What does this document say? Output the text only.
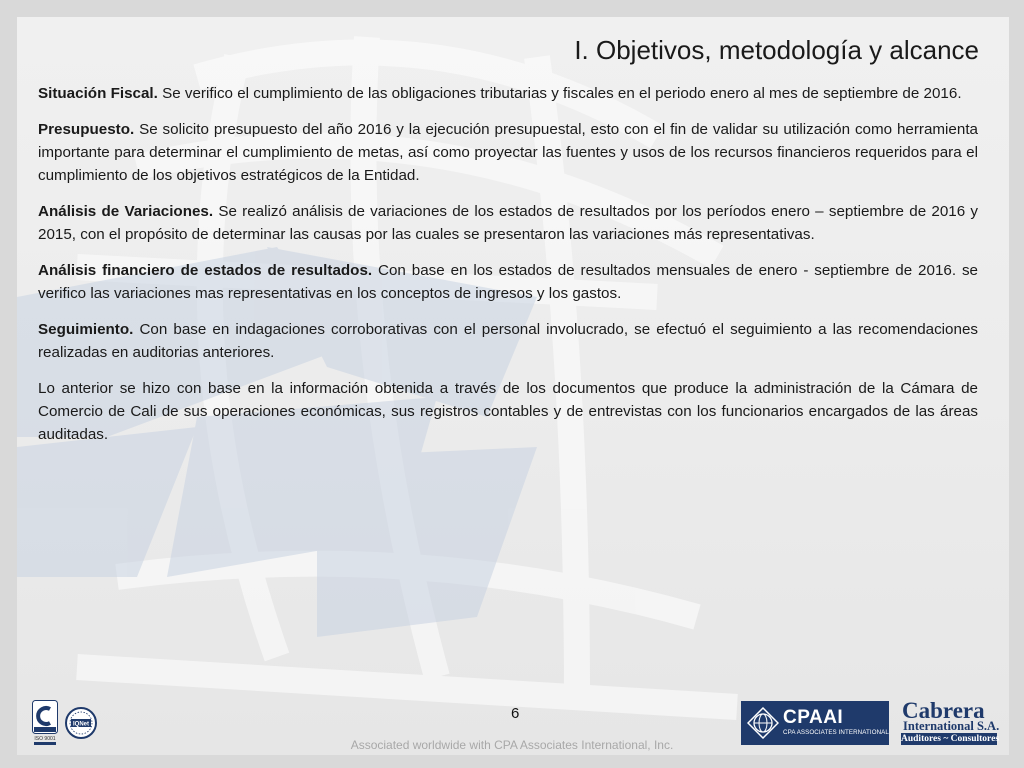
I. Objetivos, metodología y alcance

Situación Fiscal. Se verifico el cumplimiento de las obligaciones tributarias y fiscales en el periodo enero al mes de septiembre de 2016.

Presupuesto. Se solicito presupuesto del año 2016 y la ejecución presupuestal, esto con el fin de validar su utilización como herramienta importante para determinar el cumplimiento de metas, así como proyectar las fuentes y usos de los recursos financieros requeridos para el cumplimiento de los objetivos estratégicos de la Entidad.

Análisis de Variaciones. Se realizó análisis de variaciones de los estados de resultados por los períodos enero – septiembre de 2016 y 2015, con el propósito de determinar las causas por las cuales se presentaron las variaciones más representativas.

Análisis financiero de estados de resultados. Con base en los estados de resultados mensuales de enero - septiembre de 2016. se verifico las variaciones mas representativas en los conceptos de ingresos y los gastos.

Seguimiento. Con base en indagaciones corroborativas con el personal involucrado, se efectuó el seguimiento a las recomendaciones realizadas en auditorias anteriores.

Lo anterior se hizo con base en la información obtenida a través de los documentos que produce la administración de la Cámara de Comercio de Cali de sus operaciones económicas, sus registros contables y de entrevistas con los funcionarios encargados de las áreas auditadas.

6
ISO 9001
IQNet	CPAAI
CPA ASSOCIATES INTERNATIONAL
Cabrera
International S.A.
Auditores ~ Consultores
Associated worldwide with CPA Associates International, Inc.
